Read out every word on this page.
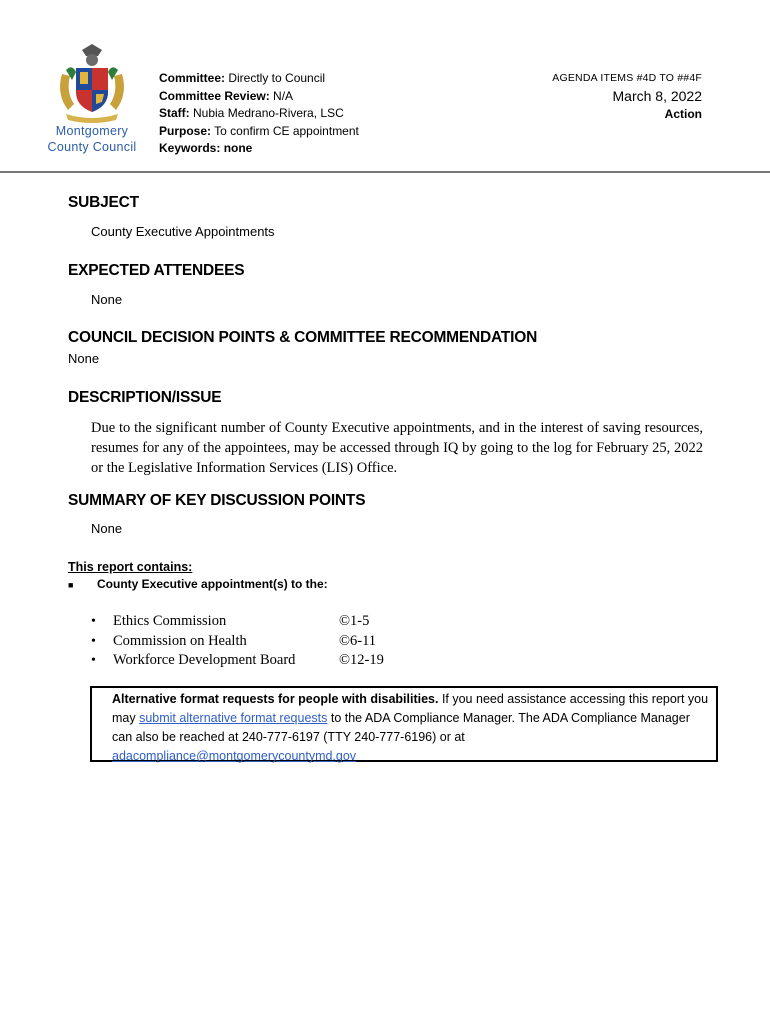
Montgomery
County Council
Committee: Directly to Council
Committee Review: N/A
Staff: Nubia Medrano-Rivera, LSC
Purpose: To confirm CE appointment
Keywords: none
AGENDA ITEMS #4D TO ##4F
March 8, 2022
Action
SUBJECT
County Executive Appointments
EXPECTED ATTENDEES
None
COUNCIL DECISION POINTS & COMMITTEE RECOMMENDATION
None
DESCRIPTION/ISSUE
Due to the significant number of County Executive appointments, and in the interest of saving resources, resumes for any of the appointees, may be accessed through IQ by going to the log for February 25, 2022 or the Legislative Information Services (LIS) Office.
SUMMARY OF KEY DISCUSSION POINTS
None
This report contains:
■ County Executive appointment(s) to the:
• Ethics Commission	©1-5
• Commission on Health	©6-11
• Workforce Development Board	©12-19
Alternative format requests for people with disabilities. If you need assistance accessing this report you may submit alternative format requests to the ADA Compliance Manager. The ADA Compliance Manager can also be reached at 240-777-6197 (TTY 240-777-6196) or at adacompliance@montgomerycountymd.gov
